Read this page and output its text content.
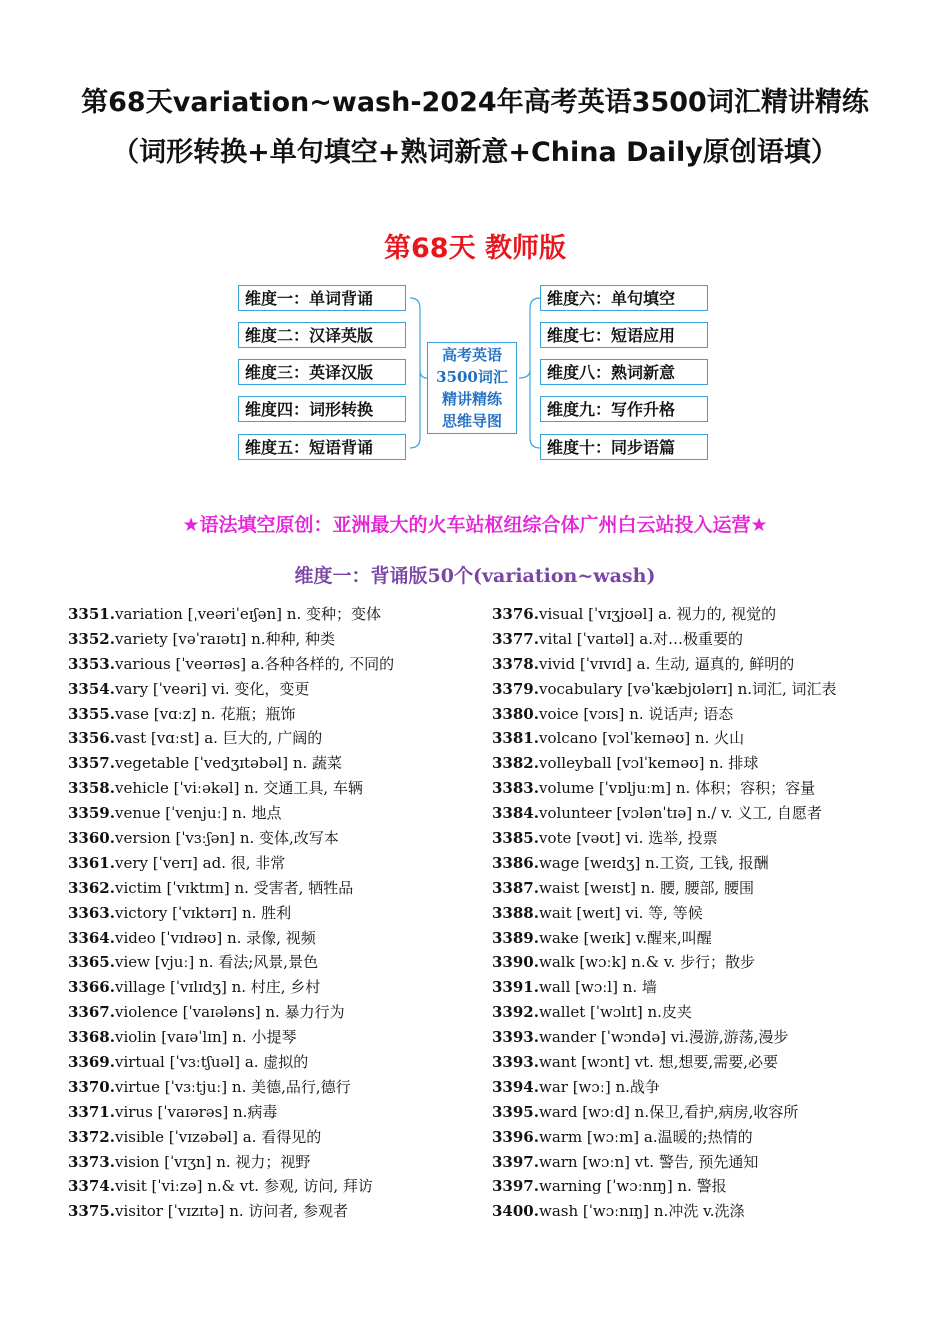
第68天variation~wash-2024年高考英语3500词汇精讲精练（词形转换+单句填空+熟词新意+China Daily原创语填）
第68天 教师版
维度一：单词背诵
维度二：汉译英版
维度三：英译汉版
维度四：词形转换
维度五：短语背诵
高考英语
3500词汇
精讲精练
思维导图
维度六：单句填空
维度七：短语应用
维度八：熟词新意
维度九：写作升格
维度十：同步语篇
★语法填空原创：亚洲最大的火车站枢纽综合体广州白云站投入运营★
维度一：背诵版50个(variation~wash)
3351.variation [ˌveəriˈeɪʃən] n. 变种；变体
3352.variety [vəˈraɪətɪ] n.种种, 种类
3353.various [ˈveərɪəs] a.各种各样的, 不同的
3354.vary [ˈveəri] vi. 变化，变更
3355.vase [vɑːz] n. 花瓶；瓶饰
3356.vast [vɑːst] a. 巨大的, 广阔的
3357.vegetable [ˈvedʒɪtəbəl] n. 蔬菜
3358.vehicle [ˈviːəkəl] n. 交通工具, 车辆
3359.venue [ˈvenjuː] n. 地点
3360.version [ˈvɜːʃən] n. 变体,改写本
3361.very [ˈverɪ] ad. 很, 非常
3362.victim [ˈvɪktɪm] n. 受害者, 牺牲品
3363.victory [ˈvɪktərɪ] n. 胜利
3364.video [ˈvɪdɪəʊ] n. 录像, 视频
3365.view [vjuː] n. 看法;风景,景色
3366.village [ˈvɪlɪdʒ] n. 村庄, 乡村
3367.violence [ˈvaɪələns] n. 暴力行为
3368.violin [vaɪəˈlɪn] n. 小提琴
3369.virtual [ˈvɜːtʃuəl] a. 虚拟的
3370.virtue [ˈvɜːtjuː] n. 美德,品行,德行
3371.virus [ˈvaɪərəs] n.病毒
3372.visible [ˈvɪzəbəl] a. 看得见的
3373.vision [ˈvɪʒn] n. 视力；视野
3374.visit [ˈviːzə] n.& vt. 参观, 访问, 拜访
3375.visitor [ˈvɪzɪtə] n. 访问者, 参观者
3376.visual [ˈvɪʒjʊəl] a. 视力的, 视觉的
3377.vital [ˈvaɪtəl] a.对…极重要的
3378.vivid [ˈvɪvɪd] a. 生动, 逼真的, 鲜明的
3379.vocabulary [vəˈkæbjʊlərɪ] n.词汇, 词汇表
3380.voice [vɔɪs] n. 说话声; 语态
3381.volcano [vɔlˈkeɪnəʊ] n. 火山
3382.volleyball [vɔlˈkeɪnəʊ] n. 排球
3383.volume [ˈvɒljuːm] n. 体积；容积；容量
3384.volunteer [vɔlənˈtɪə] n./ v. 义工, 自愿者
3385.vote [vəʊt] vi. 选举, 投票
3386.wage [weɪdʒ] n.工资, 工钱, 报酬
3387.waist [weɪst] n. 腰, 腰部, 腰围
3388.wait [weɪt] vi. 等, 等候
3389.wake [weɪk] v.醒来,叫醒
3390.walk [wɔːk] n.& v. 步行；散步
3391.wall [wɔːl] n. 墙
3392.wallet [ˈwɔlɪt] n.皮夹
3393.wander [ˈwɔndə] vi.漫游,游荡,漫步
3393.want [wɔnt] vt. 想,想要,需要,必要
3394.war [wɔː] n.战争
3395.ward [wɔːd] n.保卫,看护,病房,收容所
3396.warm [wɔːm] a.温暖的;热情的
3397.warn [wɔːn] vt. 警告, 预先通知
3397.warning [ˈwɔːnɪŋ] n. 警报
3400.wash [ˈwɔːnɪŋ] n.冲洗 v.洗涤
